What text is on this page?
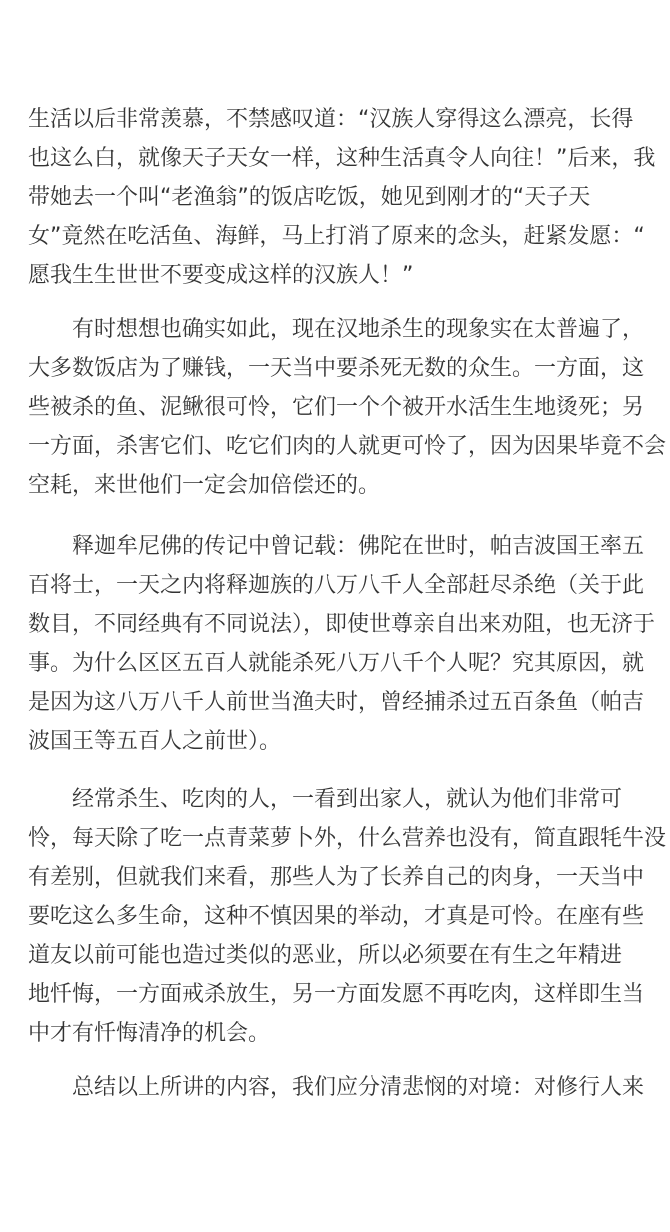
生活以后非常羡慕，不禁感叹道：“汉族人穿得这么漂亮，长得
也这么白，就像天子天女一样，这种生活真令人向往！”后来，我
带她去一个叫“老渔翁”的饭店吃饭，她见到刚才的“天子天
女”竟然在吃活鱼、海鲜，马上打消了原来的念头，赶紧发愿：“
愿我生生世世不要变成这样的汉族人！”

　　有时想想也确实如此，现在汉地杀生的现象实在太普遍了，
大多数饭店为了赚钱，一天当中要杀死无数的众生。一方面，这
些被杀的鱼、泥鳅很可怜，它们一个个被开水活生生地烫死；另
一方面，杀害它们、吃它们肉的人就更可怜了，因为因果毕竟不会
空耗，来世他们一定会加倍偿还的。

　　释迦牟尼佛的传记中曾记载：佛陀在世时，帕吉波国王率五
百将士，一天之内将释迦族的八万八千人全部赶尽杀绝（关于此
数目，不同经典有不同说法），即使世尊亲自出来劝阻，也无济于
事。为什么区区五百人就能杀死八万八千个人呢？究其原因，就
是因为这八万八千人前世当渔夫时，曾经捕杀过五百条鱼（帕吉
波国王等五百人之前世）。

　　经常杀生、吃肉的人，一看到出家人，就认为他们非常可
怜，每天除了吃一点青菜萝卜外，什么营养也没有，简直跟牦牛没
有差别，但就我们来看，那些人为了长养自己的肉身，一天当中
要吃这么多生命，这种不慎因果的举动，才真是可怜。在座有些
道友以前可能也造过类似的恶业，所以必须要在有生之年精进
地忏悔，一方面戒杀放生，另一方面发愿不再吃肉，这样即生当
中才有忏悔清净的机会。

　　总结以上所讲的内容，我们应分清悲悯的对境：对修行人来
